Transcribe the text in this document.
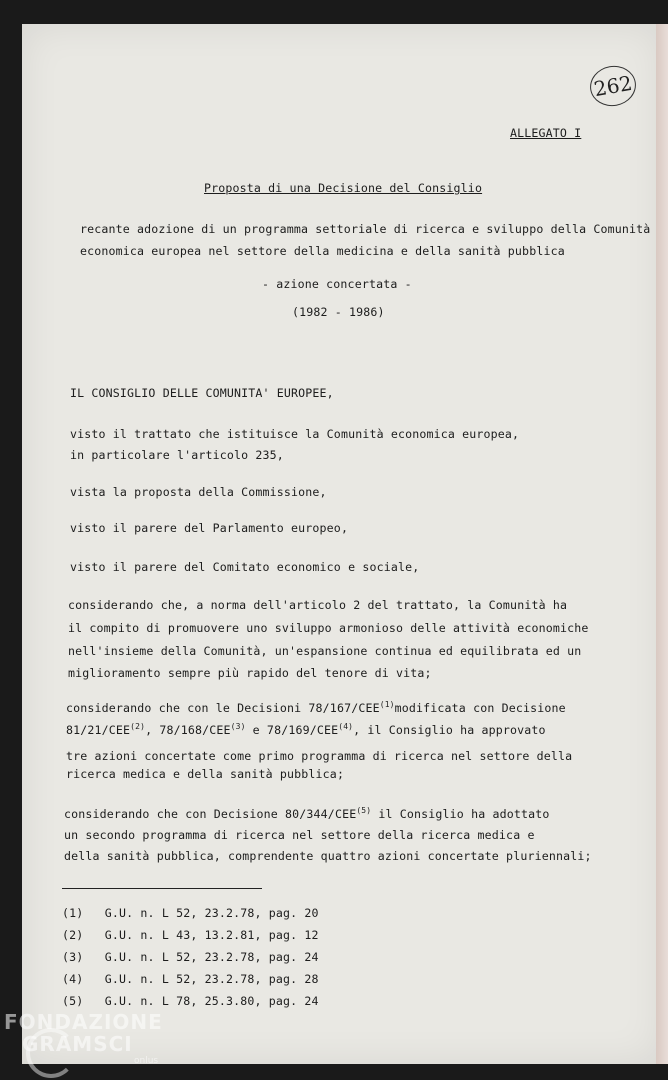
262
ALLEGATO I
Proposta di una Decisione del Consiglio
recante adozione di un programma settoriale di ricerca e sviluppo della Comunità
economica europea nel settore della medicina e della sanità pubblica
- azione concertata -
(1982 - 1986)
IL CONSIGLIO DELLE COMUNITA' EUROPEE,
visto il trattato che istituisce la Comunità economica europea,
in particolare l'articolo 235,
vista la proposta della Commissione,
visto il parere del Parlamento europeo,
visto il parere del Comitato economico e sociale,
considerando che, a norma dell'articolo 2 del trattato, la Comunità ha
il compito di promuovere uno sviluppo armonioso delle attività economiche
nell'insieme della Comunità, un'espansione continua ed equilibrata ed un
miglioramento sempre più rapido del tenore di vita;
considerando che con le Decisioni 78/167/CEE$^{(1)}$modificata con Decisione
81/21/CEE$^{(2)}$, 78/168/CEE$^{(3)}$ e 78/169/CEE$^{(4)}$, il Consiglio ha approvato
tre azioni concertate come primo programma di ricerca nel settore della
ricerca medica e della sanità pubblica;
considerando che con Decisione 80/344/CEE$^{(5)}$ il Consiglio ha adottato
un secondo programma di ricerca nel settore della ricerca medica e
della sanità pubblica, comprendente quattro azioni concertate pluriennali;
(1)   G.U. n. L 52, 23.2.78, pag. 20
(2)   G.U. n. L 43, 13.2.81, pag. 12
(3)   G.U. n. L 52, 23.2.78, pag. 24
(4)   G.U. n. L 52, 23.2.78, pag. 28
(5)   G.U. n. L 78, 25.3.80, pag. 24
FONDAZIONE
GRAMSCI
onlus
